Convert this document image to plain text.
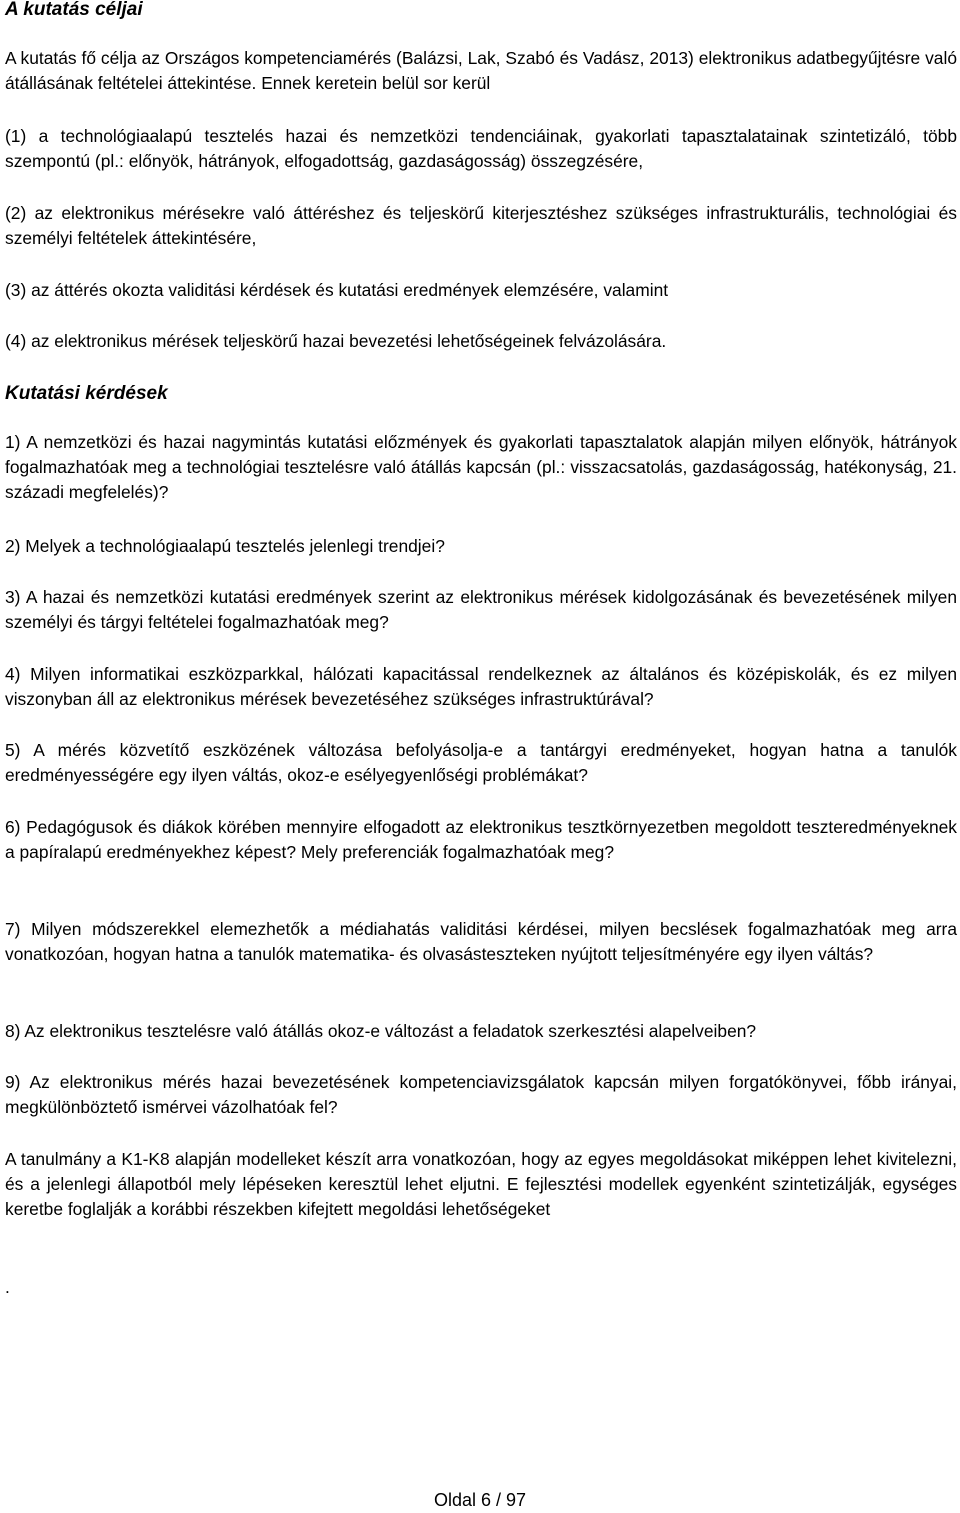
A kutatás céljai

A kutatás fő célja az Országos kompetenciamérés (Balázsi, Lak, Szabó és Vadász, 2013) elektronikus adatbegyűjtésre való átállásának feltételei áttekintése. Ennek keretein belül sor kerül

(1) a technológiaalapú tesztelés hazai és nemzetközi tendenciáinak, gyakorlati tapasztalatainak szintetizáló, több szempontú (pl.: előnyök, hátrányok, elfogadottság, gazdaságosság) összegzésére,

(2) az elektronikus mérésekre való áttéréshez és teljeskörű kiterjesztéshez szükséges infrastrukturális, technológiai és személyi feltételek áttekintésére,

(3) az áttérés okozta validitási kérdések és kutatási eredmények elemzésére, valamint

(4) az elektronikus mérések teljeskörű hazai bevezetési lehetőségeinek felvázolására.

Kutatási kérdések

1) A nemzetközi és hazai nagymintás kutatási előzmények és gyakorlati tapasztalatok alapján milyen előnyök, hátrányok fogalmazhatóak meg a technológiai tesztelésre való átállás kapcsán (pl.: visszacsatolás, gazdaságosság, hatékonyság, 21. századi megfelelés)?

2) Melyek a technológiaalapú tesztelés jelenlegi trendjei?

3) A hazai és nemzetközi kutatási eredmények szerint az elektronikus mérések kidolgozásának és bevezetésének milyen személyi és tárgyi feltételei fogalmazhatóak meg?

4) Milyen informatikai eszközparkkal, hálózati kapacitással rendelkeznek az általános és középiskolák, és ez milyen viszonyban áll az elektronikus mérések bevezetéséhez szükséges infrastruktúrával?

5) A mérés közvetítő eszközének változása befolyásolja-e a tantárgyi eredményeket, hogyan hatna a tanulók eredményességére egy ilyen váltás, okoz-e esélyegyenlőségi problémákat?

6) Pedagógusok és diákok körében mennyire elfogadott az elektronikus tesztkörnyezetben megoldott teszteredményeknek a papíralapú eredményekhez képest? Mely preferenciák fogalmazhatóak meg?

7) Milyen módszerekkel elemezhetők a médiahatás validitási kérdései, milyen becslések fogalmazhatóak meg arra vonatkozóan, hogyan hatna a tanulók matematika- és olvasásteszteken nyújtott teljesítményére egy ilyen váltás?

8) Az elektronikus tesztelésre való átállás okoz-e változást a feladatok szerkesztési alapelveiben?

9) Az elektronikus mérés hazai bevezetésének kompetenciavizsgálatok kapcsán milyen forgatókönyvei, főbb irányai, megkülönböztető ismérvei vázolhatóak fel?

A tanulmány a K1-K8 alapján modelleket készít arra vonatkozóan, hogy az egyes megoldásokat miképpen lehet kivitelezni, és a jelenlegi állapotból mely lépéseken keresztül lehet eljutni. E fejlesztési modellek egyenként szintetizálják, egységes keretbe foglalják a korábbi részekben kifejtett megoldási lehetőségeket

.

Oldal 6 / 97
